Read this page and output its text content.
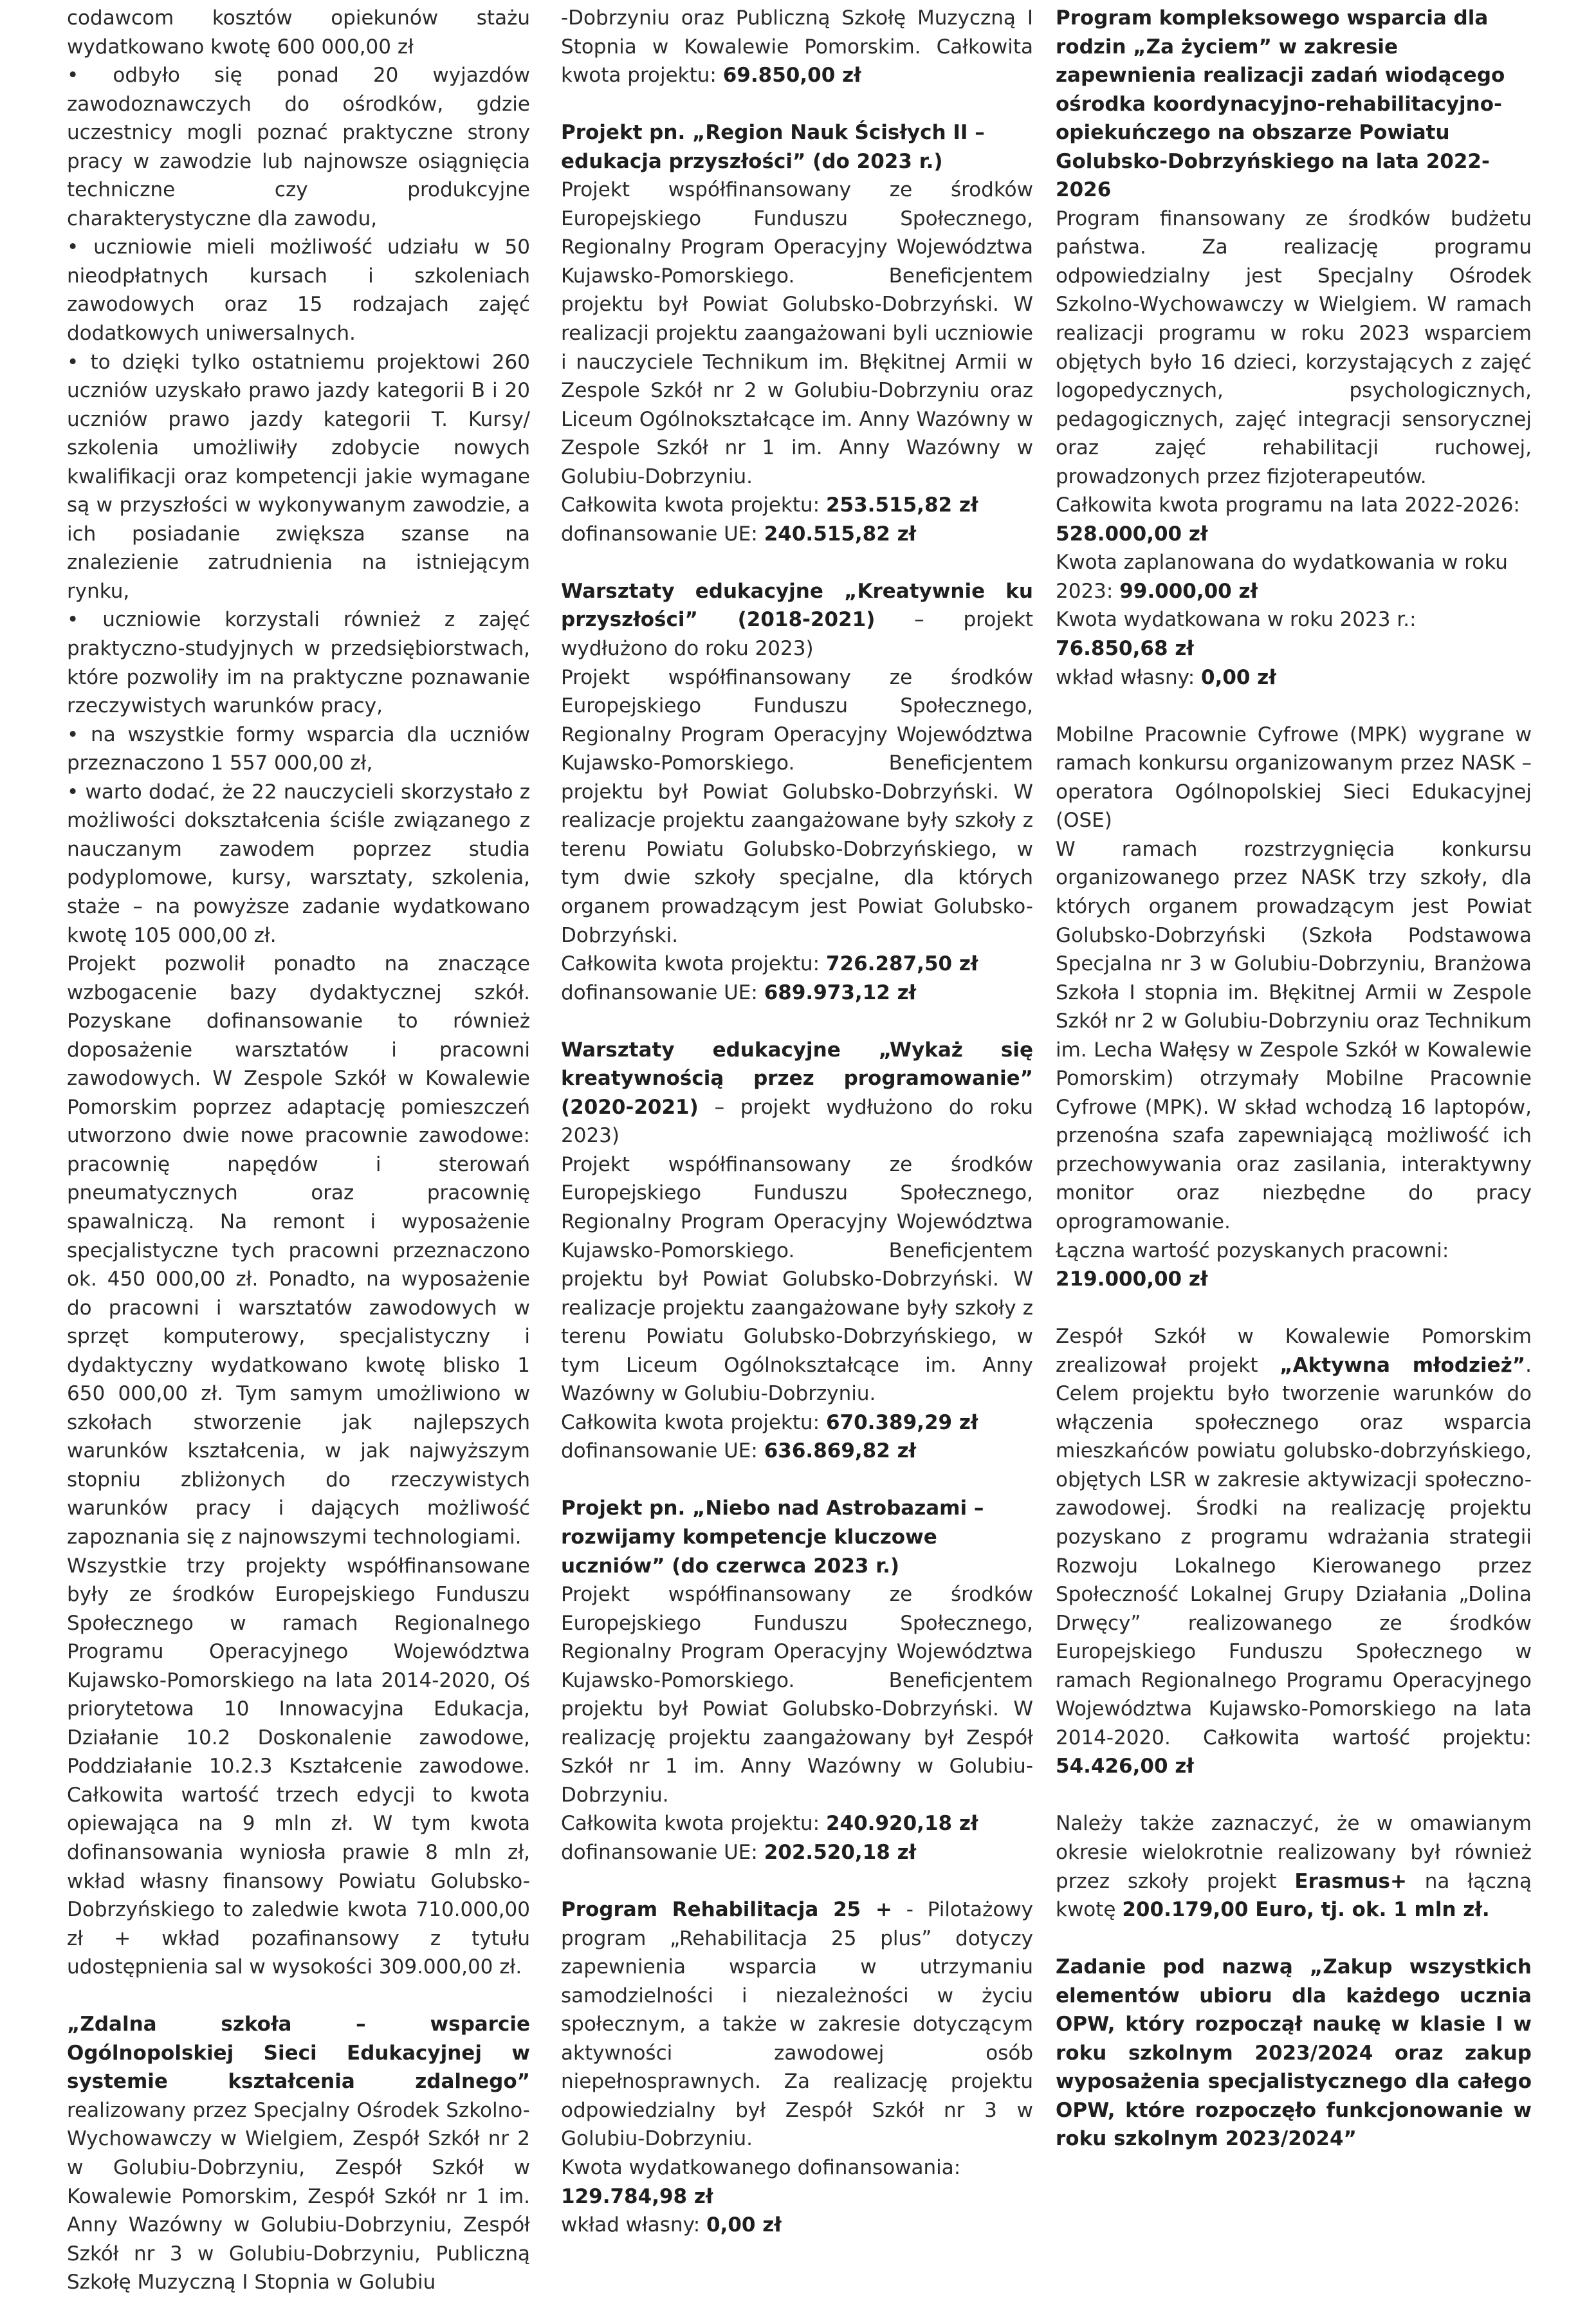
codawcom kosztów opiekunów stażu wydatkowano kwotę 600 000,00 zł

• odbyło się ponad 20 wyjazdów zawodoznawczych do ośrodków, gdzie uczestnicy mogli poznać praktyczne strony pracy w zawodzie lub najnowsze osiągnięcia techniczne czy produkcyjne charakterystyczne dla zawodu,

• uczniowie mieli możliwość udziału w 50 nieodpłatnych kursach i szkoleniach zawodowych oraz 15 rodzajach zajęć dodatkowych uniwersalnych.

• to dzięki tylko ostatniemu projektowi 260 uczniów uzyskało prawo jazdy kategorii B i 20 uczniów prawo jazdy kategorii T. Kursy/ szkolenia umożliwiły zdobycie nowych kwalifikacji oraz kompetencji jakie wymagane są w przyszłości w wykonywanym zawodzie, a ich posiadanie zwiększa szanse na znalezienie zatrudnienia na istniejącym rynku,

• uczniowie korzystali również z zajęć praktyczno-studyjnych w przedsiębiorstwach, które pozwoliły im na praktyczne poznawanie rzeczywistych warunków pracy,

• na wszystkie formy wsparcia dla uczniów przeznaczono 1 557 000,00 zł,

• warto dodać, że 22 nauczycieli skorzystało z możliwości dokształcenia ściśle związanego z nauczanym zawodem poprzez studia podyplomowe, kursy, warsztaty, szkolenia, staże – na powyższe zadanie wydatkowano kwotę 105 000,00 zł.

Projekt pozwolił ponadto na znaczące wzbogacenie bazy dydaktycznej szkół. Pozyskane dofinansowanie to również doposażenie warsztatów i pracowni zawodowych. W Zespole Szkół w Kowalewie Pomorskim poprzez adaptację pomieszczeń utworzono dwie nowe pracownie zawodowe: pracownię napędów i sterowań pneumatycznych oraz pracownię spawalniczą. Na remont i wyposażenie specjalistyczne tych pracowni przeznaczono ok. 450 000,00 zł. Ponadto, na wyposażenie do pracowni i warsztatów zawodowych w sprzęt komputerowy, specjalistyczny i dydaktyczny wydatkowano kwotę blisko 1 650 000,00 zł. Tym samym umożliwiono w szkołach stworzenie jak najlepszych warunków kształcenia, w jak najwyższym stopniu zbliżonych do rzeczywistych warunków pracy i dających możliwość zapoznania się z najnowszymi technologiami.

Wszystkie trzy projekty współfinansowane były ze środków Europejskiego Funduszu Społecznego w ramach Regionalnego Programu Operacyjnego Województwa Kujawsko-Pomorskiego na lata 2014-2020, Oś priorytetowa 10 Innowacyjna Edukacja, Działanie 10.2 Doskonalenie zawodowe, Poddziałanie 10.2.3 Kształcenie zawodowe. Całkowita wartość trzech edycji to kwota opiewająca na 9 mln zł. W tym kwota dofinansowania wyniosła prawie 8 mln zł, wkład własny finansowy Powiatu Golubsko-Dobrzyńskiego to zaledwie kwota 710.000,00 zł + wkład pozafinansowy z tytułu udostępnienia sal w wysokości 309.000,00 zł.

„Zdalna szkoła – wsparcie Ogólnopolskiej Sieci Edukacyjnej w systemie kształcenia zdalnego” realizowany przez Specjalny Ośrodek Szkolno-Wychowawczy w Wielgiem, Zespół Szkół nr 2 w Golubiu-Dobrzyniu, Zespół Szkół w Kowalewie Pomorskim, Zespół Szkół nr 1 im. Anny Wazówny w Golubiu-Dobrzyniu, Zespół Szkół nr 3 w Golubiu-Dobrzyniu, Publiczną Szkołę Muzyczną I Stopnia w Golubiu

-Dobrzyniu oraz Publiczną Szkołę Muzyczną I Stopnia w Kowalewie Pomorskim. Całkowita kwota projektu: 69.850,00 zł

Projekt pn. „Region Nauk Ścisłych II – edukacja przyszłości” (do 2023 r.)

Projekt współfinansowany ze środków Europejskiego Funduszu Społecznego, Regionalny Program Operacyjny Województwa Kujawsko-Pomorskiego. Beneficjentem projektu był Powiat Golubsko-Dobrzyński. W realizacji projektu zaangażowani byli uczniowie i nauczyciele Technikum im. Błękitnej Armii w Zespole Szkół nr 2 w Golubiu-Dobrzyniu oraz Liceum Ogólnokształcące im. Anny Wazówny w Zespole Szkół nr 1 im. Anny Wazówny w Golubiu-Dobrzyniu.

Całkowita kwota projektu: 253.515,82 zł

dofinansowanie UE: 240.515,82 zł

Warsztaty edukacyjne „Kreatywnie ku przyszłości” (2018-2021) – projekt wydłużono do roku 2023)

Projekt współfinansowany ze środków Europejskiego Funduszu Społecznego, Regionalny Program Operacyjny Województwa Kujawsko-Pomorskiego. Beneficjentem projektu był Powiat Golubsko-Dobrzyński. W realizacje projektu zaangażowane były szkoły z terenu Powiatu Golubsko-Dobrzyńskiego, w tym dwie szkoły specjalne, dla których organem prowadzącym jest Powiat Golubsko-Dobrzyński.

Całkowita kwota projektu: 726.287,50 zł

dofinansowanie UE: 689.973,12 zł

Warsztaty edukacyjne „Wykaż się kreatywnością przez programowanie” (2020-2021) – projekt wydłużono do roku 2023)

Projekt współfinansowany ze środków Europejskiego Funduszu Społecznego, Regionalny Program Operacyjny Województwa Kujawsko-Pomorskiego. Beneficjentem projektu był Powiat Golubsko-Dobrzyński. W realizacje projektu zaangażowane były szkoły z terenu Powiatu Golubsko-Dobrzyńskiego, w tym Liceum Ogólnokształcące im. Anny Wazówny w Golubiu-Dobrzyniu.

Całkowita kwota projektu: 670.389,29 zł

dofinansowanie UE: 636.869,82 zł

Projekt pn. „Niebo nad Astrobazami – rozwijamy kompetencje kluczowe uczniów” (do czerwca 2023 r.)

Projekt współfinansowany ze środków Europejskiego Funduszu Społecznego, Regionalny Program Operacyjny Województwa Kujawsko-Pomorskiego. Beneficjentem projektu był Powiat Golubsko-Dobrzyński. W realizację projektu zaangażowany był Zespół Szkół nr 1 im. Anny Wazówny w Golubiu-Dobrzyniu.

Całkowita kwota projektu: 240.920,18 zł

dofinansowanie UE: 202.520,18 zł

Program Rehabilitacja 25 + - Pilotażowy program „Rehabilitacja 25 plus” dotyczy zapewnienia wsparcia w utrzymaniu samodzielności i niezależności w życiu społecznym, a także w zakresie dotyczącym aktywności zawodowej osób niepełnosprawnych. Za realizację projektu odpowiedzialny był Zespół Szkół nr 3 w Golubiu-Dobrzyniu.

Kwota wydatkowanego dofinansowania: 129.784,98 zł

wkład własny: 0,00 zł

Program kompleksowego wsparcia dla rodzin „Za życiem” w zakresie zapewnienia realizacji zadań wiodącego ośrodka koordynacyjno-rehabilitacyjno-opiekuńczego na obszarze Powiatu Golubsko-Dobrzyńskiego na lata 2022-2026

Program finansowany ze środków budżetu państwa. Za realizację programu odpowiedzialny jest Specjalny Ośrodek Szkolno-Wychowawczy w Wielgiem. W ramach realizacji programu w roku 2023 wsparciem objętych było 16 dzieci, korzystających z zajęć logopedycznych, psychologicznych, pedagogicznych, zajęć integracji sensorycznej oraz zajęć rehabilitacji ruchowej, prowadzonych przez fizjoterapeutów.

Całkowita kwota programu na lata 2022-2026: 528.000,00 zł

Kwota zaplanowana do wydatkowania w roku 2023: 99.000,00 zł

Kwota wydatkowana w roku 2023 r.: 76.850,68 zł

wkład własny: 0,00 zł

Mobilne Pracownie Cyfrowe (MPK) wygrane w ramach konkursu organizowanym przez NASK – operatora Ogólnopolskiej Sieci Edukacyjnej (OSE)

W ramach rozstrzygnięcia konkursu organizowanego przez NASK trzy szkoły, dla których organem prowadzącym jest Powiat Golubsko-Dobrzyński (Szkoła Podstawowa Specjalna nr 3 w Golubiu-Dobrzyniu, Branżowa Szkoła I stopnia im. Błękitnej Armii w Zespole Szkół nr 2 w Golubiu-Dobrzyniu oraz Technikum im. Lecha Wałęsy w Zespole Szkół w Kowalewie Pomorskim) otrzymały Mobilne Pracownie Cyfrowe (MPK). W skład wchodzą 16 laptopów, przenośna szafa zapewniającą możliwość ich przechowywania oraz zasilania, interaktywny monitor oraz niezbędne do pracy oprogramowanie.

Łączna wartość pozyskanych pracowni: 219.000,00 zł

Zespół Szkół w Kowalewie Pomorskim zrealizował projekt „Aktywna młodzież”. Celem projektu było tworzenie warunków do włączenia społecznego oraz wsparcia mieszkańców powiatu golubsko-dobrzyńskiego, objętych LSR w zakresie aktywizacji społeczno-zawodowej. Środki na realizację projektu pozyskano z programu wdrażania strategii Rozwoju Lokalnego Kierowanego przez Społeczność Lokalnej Grupy Działania „Dolina Drwęcy” realizowanego ze środków Europejskiego Funduszu Społecznego w ramach Regionalnego Programu Operacyjnego Województwa Kujawsko-Pomorskiego na lata 2014-2020. Całkowita wartość projektu: 54.426,00 zł

Należy także zaznaczyć, że w omawianym okresie wielokrotnie realizowany był również przez szkoły projekt Erasmus+ na łączną kwotę 200.179,00 Euro, tj. ok. 1 mln zł.

Zadanie pod nazwą „Zakup wszystkich elementów ubioru dla każdego ucznia OPW, który rozpoczął naukę w klasie I w roku szkolnym 2023/2024 oraz zakup wyposażenia specjalistycznego dla całego OPW, które rozpoczęło funkcjonowanie w roku szkolnym 2023/2024”
